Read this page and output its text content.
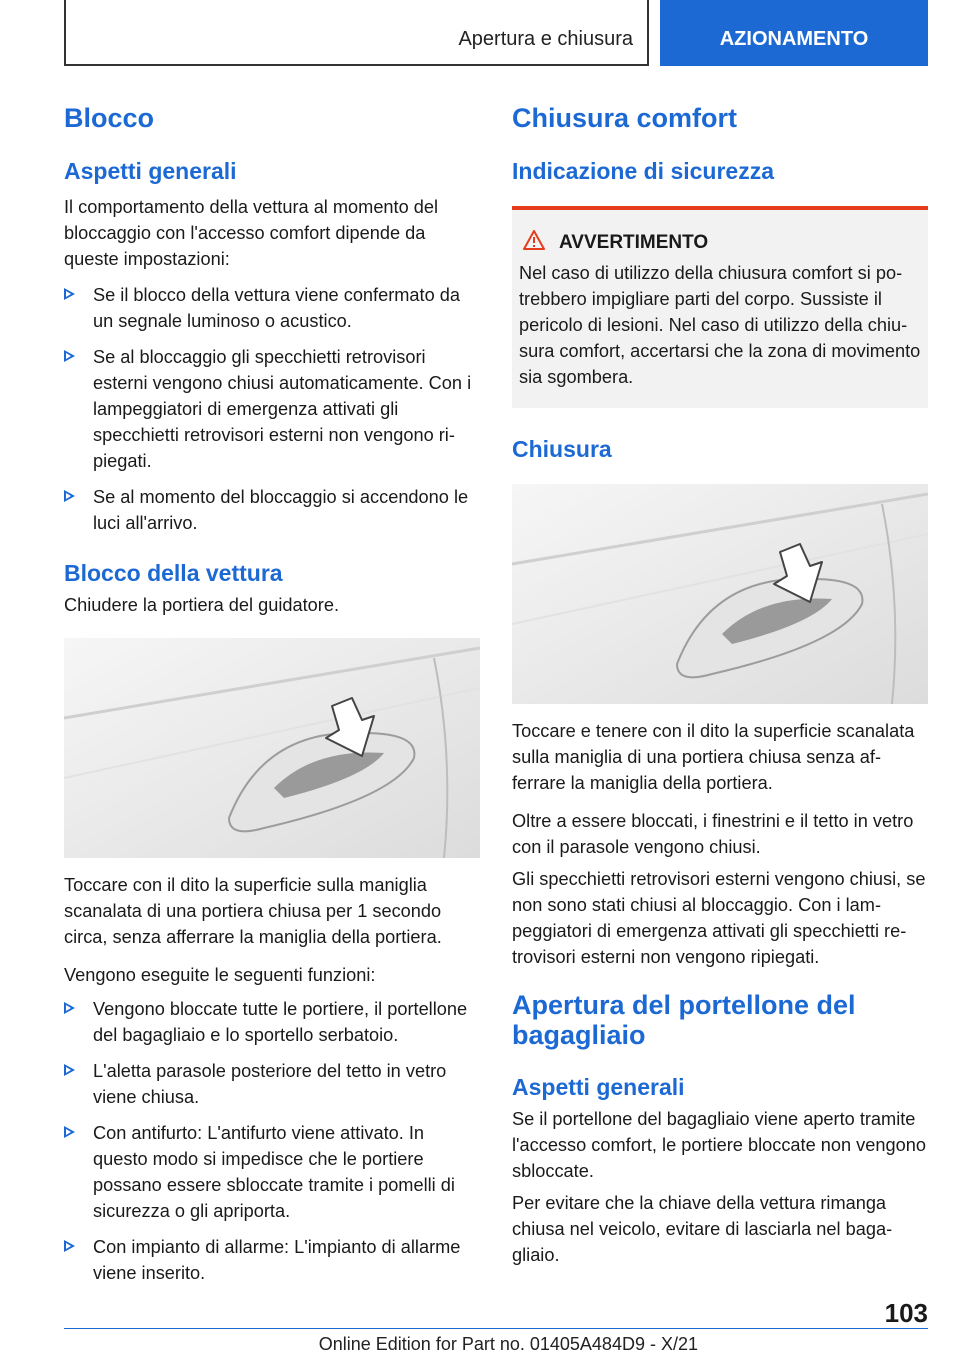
Apertura e chiusura	AZIONAMENTO
Blocco
Aspetti generali
Il comportamento della vettura al momento del bloccaggio con l'accesso comfort dipende da queste impostazioni:
Se il blocco della vettura viene confermato da un segnale luminoso o acustico.
Se al bloccaggio gli specchietti retrovisori esterni vengono chiusi automaticamente. Con i lampeggiatori di emergenza attivati gli specchietti retrovisori esterni non vengono ripiegati.
Se al momento del bloccaggio si accendono le luci all'arrivo.
Blocco della vettura
Chiudere la portiera del guidatore.
Toccare con il dito la superficie sulla maniglia scanalata di una portiera chiusa per 1 secondo circa, senza afferrare la maniglia della portiera.
Vengono eseguite le seguenti funzioni:
Vengono bloccate tutte le portiere, il portellone del bagagliaio e lo sportello serbatoio.
L'aletta parasole posteriore del tetto in vetro viene chiusa.
Con antifurto: L'antifurto viene attivato. In questo modo si impedisce che le portiere possano essere sbloccate tramite i pomelli di sicurezza o gli apriporta.
Con impianto di allarme: L'impianto di allarme viene inserito.
Chiusura comfort
Indicazione di sicurezza
AVVERTIMENTO
Nel caso di utilizzo della chiusura comfort si potrebbero impigliare parti del corpo. Sussiste il pericolo di lesioni. Nel caso di utilizzo della chiusura comfort, accertarsi che la zona di movimento sia sgombera.
Chiusura
Toccare e tenere con il dito la superficie scanalata sulla maniglia di una portiera chiusa senza afferrare la maniglia della portiera.
Oltre a essere bloccati, i finestrini e il tetto in vetro con il parasole vengono chiusi.
Gli specchietti retrovisori esterni vengono chiusi, se non sono stati chiusi al bloccaggio. Con i lampeggiatori di emergenza attivati gli specchietti retrovisori esterni non vengono ripiegati.
Apertura del portellone del bagagliaio
Aspetti generali
Se il portellone del bagagliaio viene aperto tramite l'accesso comfort, le portiere bloccate non vengono sbloccate.
Per evitare che la chiave della vettura rimanga chiusa nel veicolo, evitare di lasciarla nel bagagliaio.
103
Online Edition for Part no. 01405A484D9 - X/21
